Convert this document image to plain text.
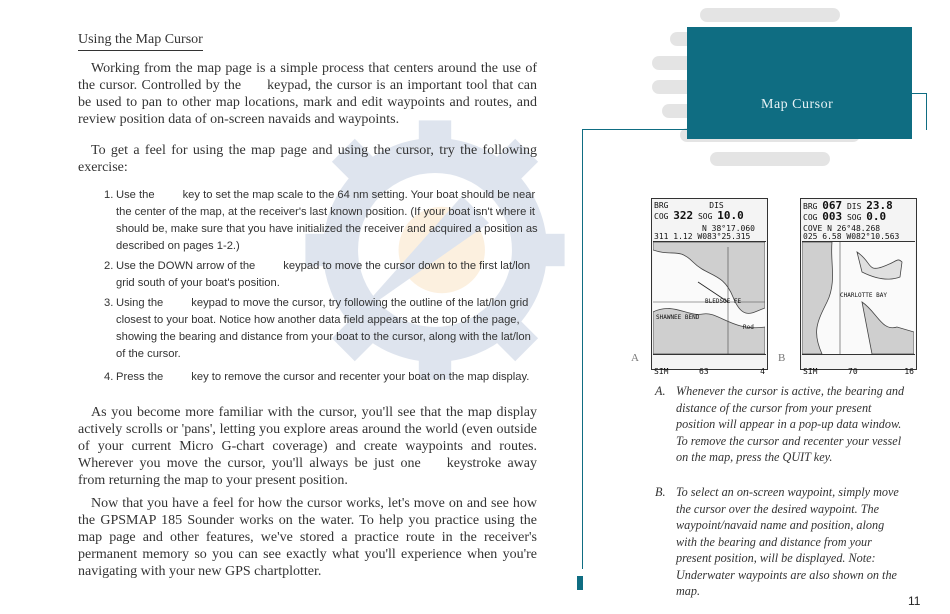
Using the Map Cursor

Working from the map page is a simple process that centers around the use of the cursor. Controlled by the keypad, the cursor is an important tool that can be used to pan to other map locations, mark and edit waypoints and routes, and review position data of on-screen navaids and waypoints.

To get a feel for using the map page and using the cursor, try the following exercise:

1. Use the	key to set the map scale to the 64 nm setting. Your boat should be near the center of the map, at the receiver's last known position. (If your boat isn't where it should be, make sure that you have initialized the receiver and acquired a position as described on pages 1-2.)
2. Use the DOWN arrow of the	keypad to move the cursor down to the first lat/lon grid south of your boat's position.
3. Using the	keypad to move the cursor, try following the outline of the lat/lon grid closest to your boat. Notice how another data field appears at the top of the page, showing the bearing and distance from your boat to the cursor, along with the lat/lon of the cursor.
4. Press the	key to remove the cursor and recenter your boat on the map display.

As you become more familiar with the cursor, you'll see that the map display actively scrolls or 'pans', letting you explore areas around the world (even outside of your current Micro G-chart coverage) and create waypoints and routes. Wherever you move the cursor, you'll always be just one keystroke away from returning the map to your present position.

Now that you have a feel for how the cursor works, let's move on and see how the GPSMAP 185 Sounder works on the water. To help you practice using the map page and other features, we've stored a practice route in the receiver's permanent memory so you can see exactly what you'll experience when you're navigating with your new GPS chartplotter.

Map Cursor
BRG	DIS
COG 322 SOG 10.0
N 38°17.060
311 1.12 W083°25.315
BLEDSOE FE
SHAWNEE BEND
Rod
SIM	63	4
BRG 067 DIS 23.8
COG 003 SOG 0.0
COVE N 26°48.268
025 6.58 W082°10.563
CHARLOTTE BAY
SIM	70	16
A	B
A. Whenever the cursor is active, the bearing and distance of the cursor from your present position will appear in a pop-up data window. To remove the cursor and recenter your vessel on the map, press the QUIT key.
B. To select an on-screen waypoint, simply move the cursor over the desired waypoint. The waypoint/navaid name and position, along with the bearing and distance from your present position, will be displayed. Note: Underwater waypoints are also shown on the map.
11
